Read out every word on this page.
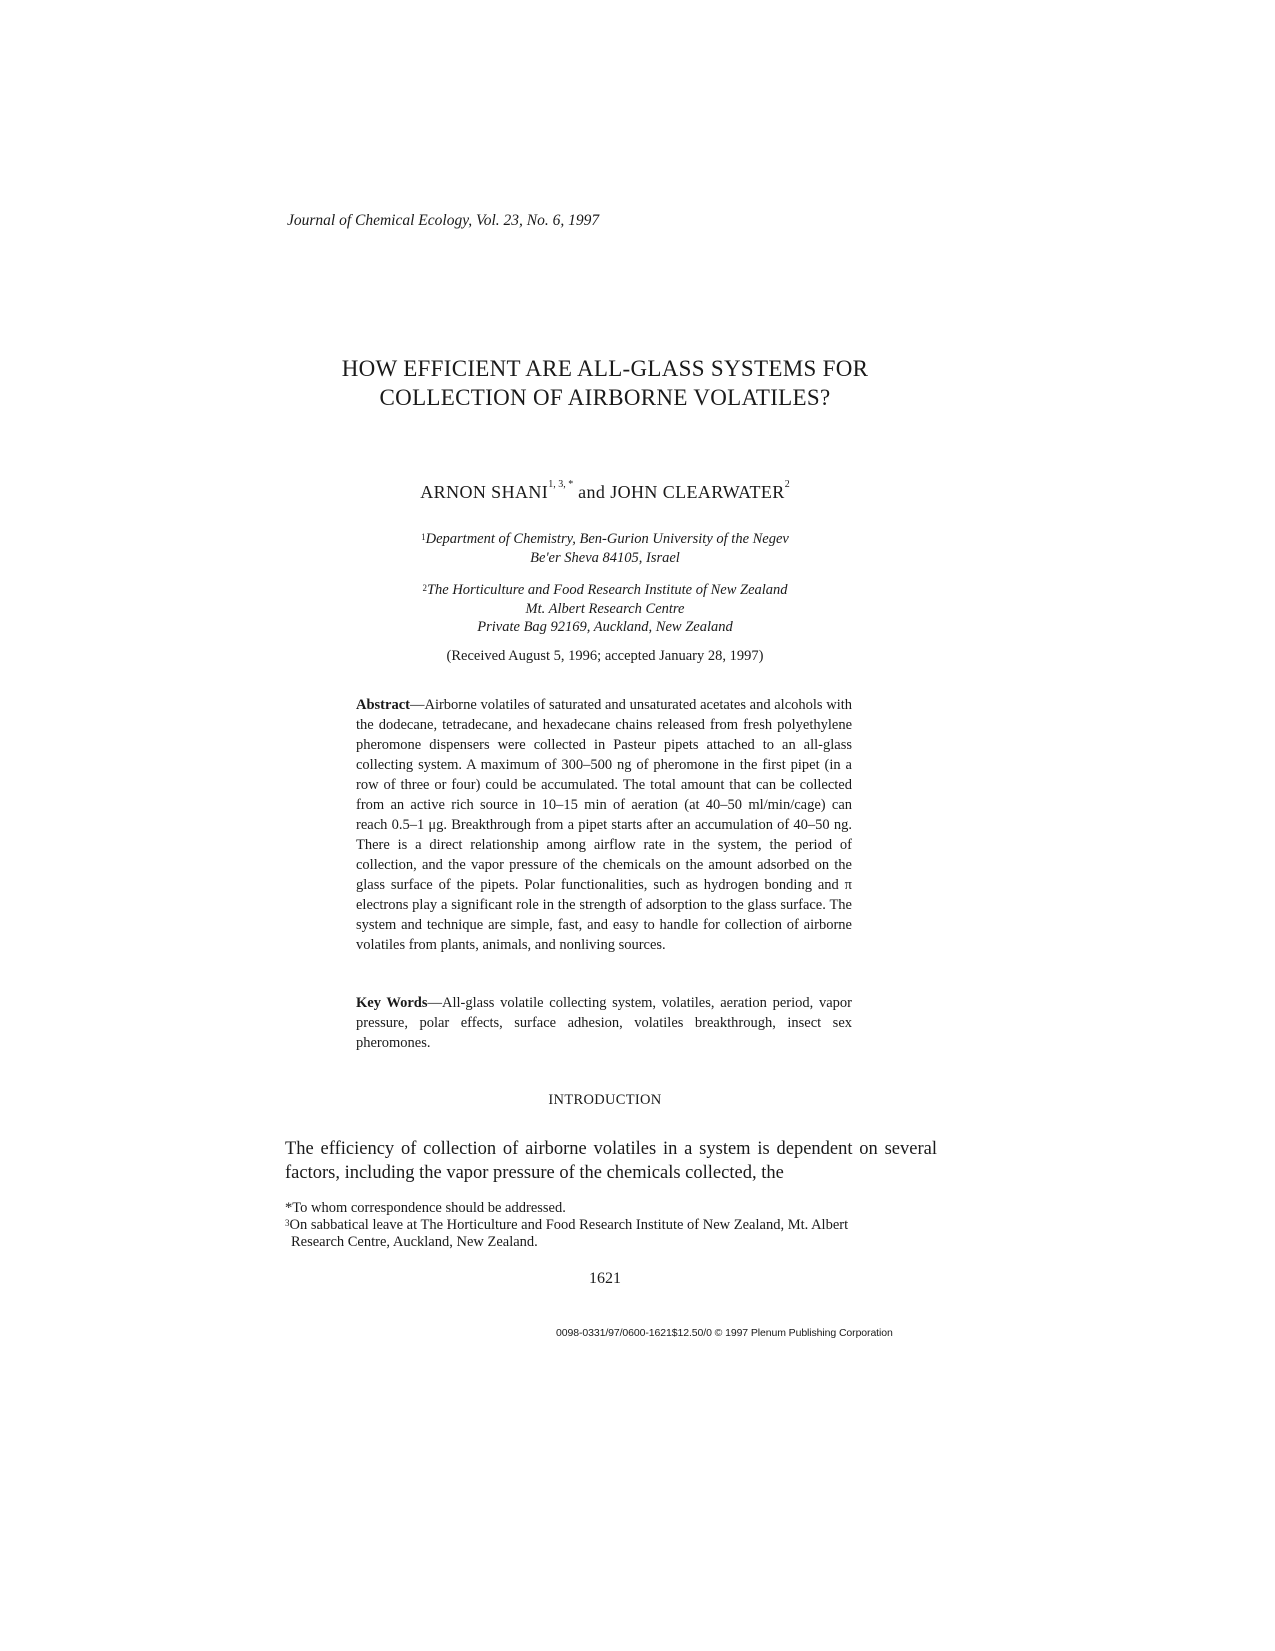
Journal of Chemical Ecology, Vol. 23, No. 6, 1997
HOW EFFICIENT ARE ALL-GLASS SYSTEMS FOR
COLLECTION OF AIRBORNE VOLATILES?
ARNON $SHANI^{1, 3, *}$ and JOHN CLEARWATER$^2$
$^1$Department of Chemistry, Ben-Gurion University of the Negev
Be'er Sheva 84105, Israel
$^2$The Horticulture and Food Research Institute of New Zealand
Mt. Albert Research Centre
Private Bag 92169, Auckland, New Zealand
(Received August 5, 1996; accepted January 28, 1997)
Abstract—Airborne volatiles of saturated and unsaturated acetates and alcohols with the dodecane, tetradecane, and hexadecane chains released from fresh polyethylene pheromone dispensers were collected in Pasteur pipets attached to an all-glass collecting system. A maximum of 300–500 ng of pheromone in the first pipet (in a row of three or four) could be accumulated. The total amount that can be collected from an active rich source in 10–15 min of aeration (at 40–50 ml/min/cage) can reach 0.5–1 μg. Breakthrough from a pipet starts after an accumulation of 40–50 ng. There is a direct relationship among airflow rate in the system, the period of collection, and the vapor pressure of the chemicals on the amount adsorbed on the glass surface of the pipets. Polar functionalities, such as hydrogen bonding and π electrons play a significant role in the strength of adsorption to the glass surface. The system and technique are simple, fast, and easy to handle for collection of airborne volatiles from plants, animals, and nonliving sources.
Key Words—All-glass volatile collecting system, volatiles, aeration period, vapor pressure, polar effects, surface adhesion, volatiles breakthrough, insect sex pheromones.
INTRODUCTION
The efficiency of collection of airborne volatiles in a system is dependent on several factors, including the vapor pressure of the chemicals collected, the
*To whom correspondence should be addressed.
$^3$On sabbatical leave at The Horticulture and Food Research Institute of New Zealand, Mt. Albert
Research Centre, Auckland, New Zealand.
1621
0098-0331/97/0600-1621$12.50/0 © 1997 Plenum Publishing Corporation
